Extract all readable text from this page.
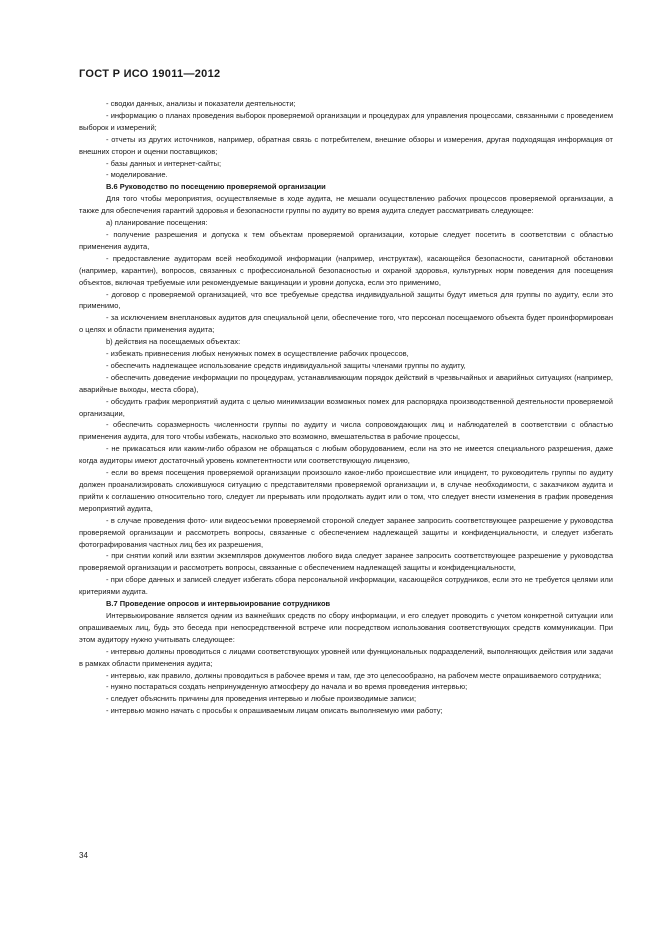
ГОСТ Р ИСО 19011—2012

- сводки данных, анализы и показатели деятельности;

- информацию о планах проведения выборок проверяемой организации и процедурах для управления процессами, связанными с проведением выборок и измерений;

- отчеты из других источников, например, обратная связь с потребителем, внешние обзоры и измерения, другая подходящая информация от внешних сторон и оценки поставщиков;

- базы данных и интернет-сайты;

- моделирование.

В.6 Руководство по посещению проверяемой организации

Для того чтобы мероприятия, осуществляемые в ходе аудита, не мешали осуществлению рабочих процессов проверяемой организации, а также для обеспечения гарантий здоровья и безопасности группы по аудиту во время аудита следует рассматривать следующее:

а) планирование посещения:

- получение разрешения и допуска к тем объектам проверяемой организации, которые следует посетить в соответствии с областью применения аудита,

- предоставление аудиторам всей необходимой информации (например, инструктаж), касающейся безопасности, санитарной обстановки (например, карантин), вопросов, связанных с профессиональной безопасностью и охраной здоровья, культурных норм поведения для посещения объектов, включая требуемые или рекомендуемые вакцинации и уровни допуска, если это применимо,

- договор с проверяемой организацией, что все требуемые средства индивидуальной защиты будут иметься для группы по аудиту, если это применимо,

- за исключением внеплановых аудитов для специальной цели, обеспечение того, что персонал посещаемого объекта будет проинформирован о целях и области применения аудита;

b) действия на посещаемых объектах:

- избежать привнесения любых ненужных помех в осуществление рабочих процессов,

- обеспечить надлежащее использование средств индивидуальной защиты членами группы по аудиту,

- обеспечить доведение информации по процедурам, устанавливающим порядок действий в чрезвычайных и аварийных ситуациях (например, аварийные выходы, места сбора),

- обсудить график мероприятий аудита с целью минимизации возможных помех для распорядка производственной деятельности проверяемой организации,

- обеспечить соразмерность численности группы по аудиту и числа сопровождающих лиц и наблюдателей в соответствии с областью применения аудита, для того чтобы избежать, насколько это возможно, вмешательства в рабочие процессы,

- не прикасаться или каким-либо образом не обращаться с любым оборудованием, если на это не имеется специального разрешения, даже когда аудиторы имеют достаточный уровень компетентности или соответствующую лицензию,

- если во время посещения проверяемой организации произошло какое-либо происшествие или инцидент, то руководитель группы по аудиту должен проанализировать сложившуюся ситуацию с представителями проверяемой организации и, в случае необходимости, с заказчиком аудита и прийти к соглашению относительно того, следует ли прерывать или продолжать аудит или о том, что следует внести изменения в график проведения мероприятий аудита,

- в случае проведения фото- или видеосъемки проверяемой стороной следует заранее запросить соответствующее разрешение у руководства проверяемой организации и рассмотреть вопросы, связанные с обеспечением надлежащей защиты и конфиденциальности, и следует избегать фотографирования частных лиц без их разрешения,

- при снятии копий или взятии экземпляров документов любого вида следует заранее запросить соответствующее разрешение у руководства проверяемой организации и рассмотреть вопросы, связанные с обеспечением надлежащей защиты и конфиденциальности,

- при сборе данных и записей следует избегать сбора персональной информации, касающейся сотрудников, если это не требуется целями или критериями аудита.

В.7 Проведение опросов и интервьюирование сотрудников

Интервьюирование является одним из важнейших средств по сбору информации, и его следует проводить с учетом конкретной ситуации или опрашиваемых лиц, будь это беседа при непосредственной встрече или посредством использования соответствующих средств коммуникации. При этом аудитору нужно учитывать следующее:

- интервью должны проводиться с лицами соответствующих уровней или функциональных подразделений, выполняющих действия или задачи в рамках области применения аудита;

- интервью, как правило, должны проводиться в рабочее время и там, где это целесообразно, на рабочем месте опрашиваемого сотрудника;

- нужно постараться создать непринужденную атмосферу до начала и во время проведения интервью;

- следует объяснить причины для проведения интервью и любые производимые записи;

- интервью можно начать с просьбы к опрашиваемым лицам описать выполняемую ими работу;

34
